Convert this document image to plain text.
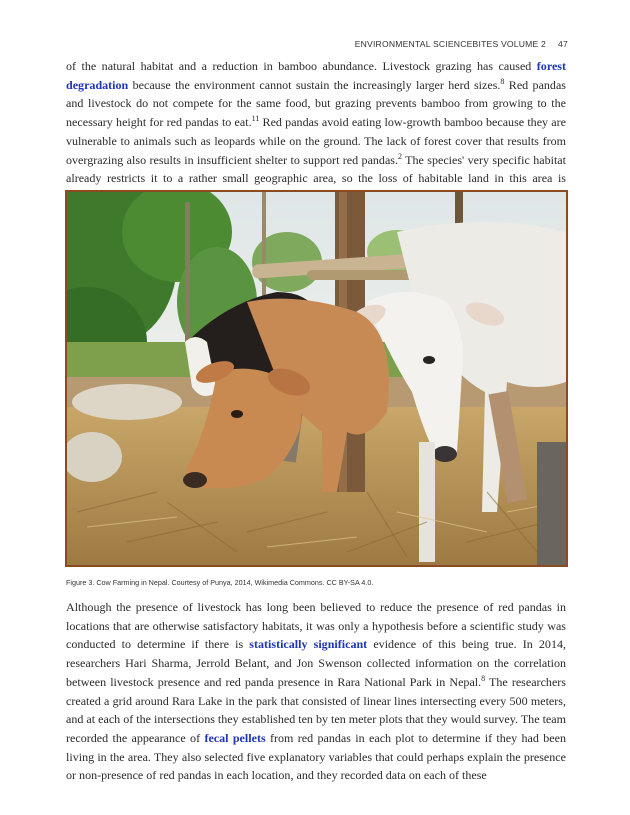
ENVIRONMENTAL SCIENCEBITES VOLUME 2 47

of the natural habitat and a reduction in bamboo abundance. Livestock grazing has caused forest degradation because the environment cannot sustain the increasingly larger herd sizes.$^8$ Red pandas and livestock do not compete for the same food, but grazing prevents bamboo from growing to the necessary height for red pandas to eat.$^{11}$ Red pandas avoid eating low-growth bamboo because they are vulnerable to animals such as leopards while on the ground. The lack of forest cover that results from overgrazing also results in insufficient shelter to support red pandas.$^2$ The species' very specific habitat already restricts it to a rather small geographic area, so the loss of habitable land in this area is

Figure 3. Cow Farming in Nepal. Courtesy of Punya, 2014, Wikimedia Commons. CC BY-SA 4.0.

Although the presence of livestock has long been believed to reduce the presence of red pandas in locations that are otherwise satisfactory habitats, it was only a hypothesis before a scientific study was conducted to determine if there is statistically significant evidence of this being true. In 2014, researchers Hari Sharma, Jerrold Belant, and Jon Swenson collected information on the correlation between livestock presence and red panda presence in Rara National Park in Nepal.$^8$ The researchers created a grid around Rara Lake in the park that consisted of linear lines intersecting every 500 meters, and at each of the intersections they established ten by ten meter plots that they would survey. The team recorded the appearance of fecal pellets from red pandas in each plot to determine if they had been living in the area. They also selected five explanatory variables that could perhaps explain the presence or non-presence of red pandas in each location, and they recorded data on each of these
